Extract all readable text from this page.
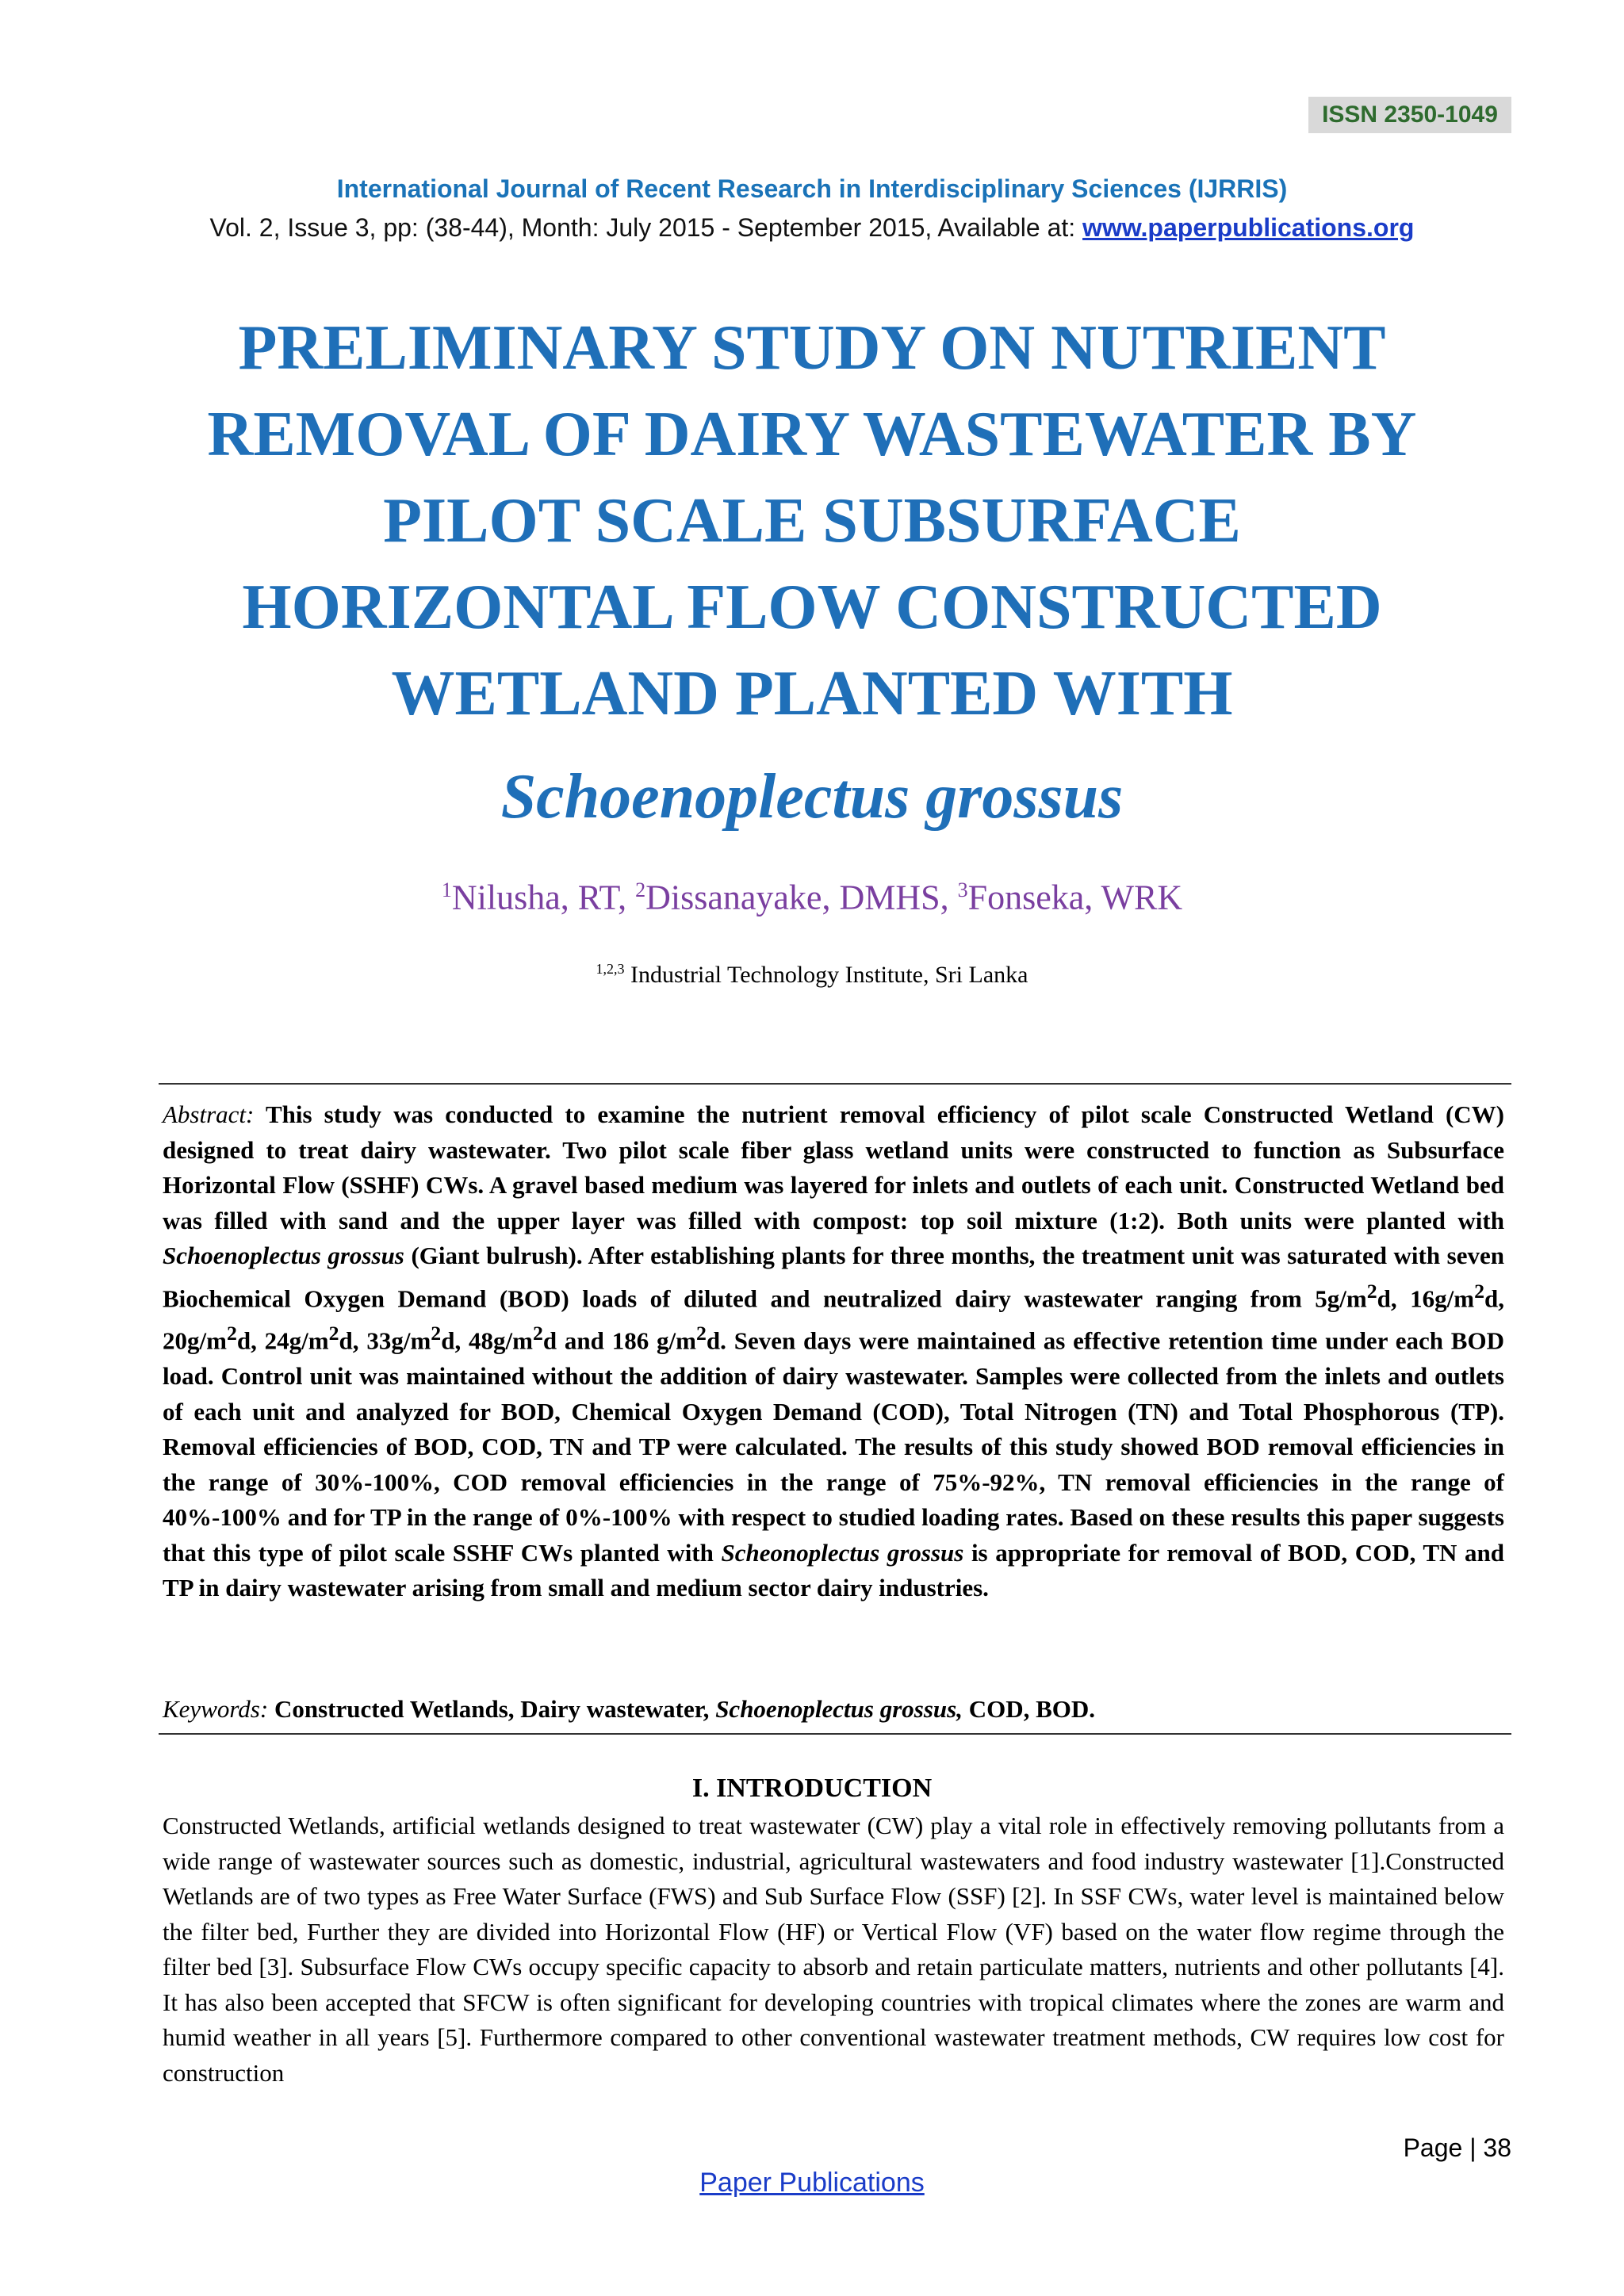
ISSN 2350-1049
International Journal of Recent Research in Interdisciplinary Sciences (IJRRIS)
Vol. 2, Issue 3, pp: (38-44), Month: July 2015 - September 2015, Available at: www.paperpublications.org
PRELIMINARY STUDY ON NUTRIENT
REMOVAL OF DAIRY WASTEWATER BY
PILOT SCALE SUBSURFACE
HORIZONTAL FLOW CONSTRUCTED
WETLAND PLANTED WITH
Schoenoplectus grossus
$^1$Nilusha, RT, $^2$Dissanayake, DMHS, $^3$Fonseka, WRK
$^{1,2,3}$ Industrial Technology Institute, Sri Lanka
Abstract: This study was conducted to examine the nutrient removal efficiency of pilot scale Constructed Wetland (CW) designed to treat dairy wastewater. Two pilot scale fiber glass wetland units were constructed to function as Subsurface Horizontal Flow (SSHF) CWs. A gravel based medium was layered for inlets and outlets of each unit. Constructed Wetland bed was filled with sand and the upper layer was filled with compost: top soil mixture (1:2). Both units were planted with Schoenoplectus grossus (Giant bulrush). After establishing plants for three months, the treatment unit was saturated with seven Biochemical Oxygen Demand (BOD) loads of diluted and neutralized dairy wastewater ranging from $5g/m^2d$, $16g/m^2d$, $20g/m^2d$, $24g/m^2d$, $33g/m^2d$, $48g/m^2d$ and 186 $g/m^2d$. Seven days were maintained as effective retention time under each BOD load. Control unit was maintained without the addition of dairy wastewater. Samples were collected from the inlets and outlets of each unit and analyzed for BOD, Chemical Oxygen Demand (COD), Total Nitrogen (TN) and Total Phosphorous (TP). Removal efficiencies of BOD, COD, TN and TP were calculated. The results of this study showed BOD removal efficiencies in the range of 30%-100%, COD removal efficiencies in the range of 75%-92%, TN removal efficiencies in the range of 40%-100% and for TP in the range of 0%-100% with respect to studied loading rates. Based on these results this paper suggests that this type of pilot scale SSHF CWs planted with Scheonoplectus grossus is appropriate for removal of BOD, COD, TN and TP in dairy wastewater arising from small and medium sector dairy industries.
Keywords: Constructed Wetlands, Dairy wastewater, Schoenoplectus grossus, COD, BOD.
I. INTRODUCTION
Constructed Wetlands, artificial wetlands designed to treat wastewater (CW) play a vital role in effectively removing pollutants from a wide range of wastewater sources such as domestic, industrial, agricultural wastewaters and food industry wastewater [1].Constructed Wetlands are of two types as Free Water Surface (FWS) and Sub Surface Flow (SSF) [2]. In SSF CWs, water level is maintained below the filter bed, Further they are divided into Horizontal Flow (HF) or Vertical Flow (VF) based on the water flow regime through the filter bed [3]. Subsurface Flow CWs occupy specific capacity to absorb and retain particulate matters, nutrients and other pollutants [4]. It has also been accepted that SFCW is often significant for developing countries with tropical climates where the zones are warm and humid weather in all years [5]. Furthermore compared to other conventional wastewater treatment methods, CW requires low cost for construction
Page | 38
Paper Publications
